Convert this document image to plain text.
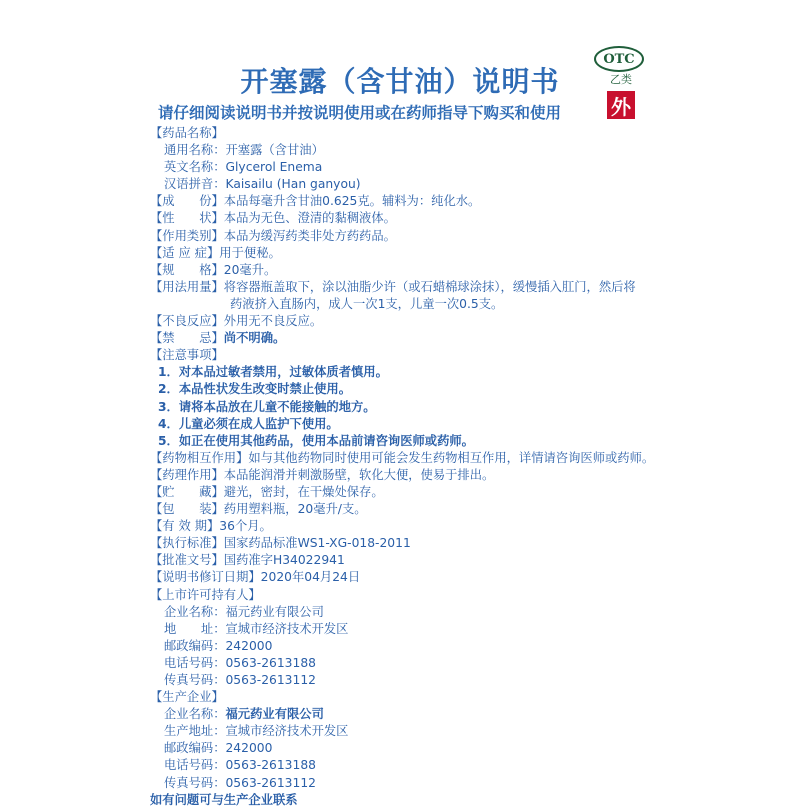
开塞露（含甘油）说明书
OTC
乙类
外
请仔细阅读说明书并按说明使用或在药师指导下购买和使用
【药品名称】
通用名称：开塞露（含甘油）
英文名称：Glycerol Enema
汉语拼音：Kaisailu (Han ganyou)
【成　　份】本品每毫升含甘油0.625克。辅料为：纯化水。
【性　　状】本品为无色、澄清的黏稠液体。
【作用类别】本品为缓泻药类非处方药药品。
【适 应 症】用于便秘。
【规　　格】20毫升。
【用法用量】将容器瓶盖取下，涂以油脂少许（或石蜡棉球涂抹），缓慢插入肛门，然后将
药液挤入直肠内，成人一次1支，儿童一次0.5支。
【不良反应】外用无不良反应。
【禁　　忌】尚不明确。
【注意事项】
1．对本品过敏者禁用，过敏体质者慎用。
2．本品性状发生改变时禁止使用。
3．请将本品放在儿童不能接触的地方。
4．儿童必须在成人监护下使用。
5．如正在使用其他药品，使用本品前请咨询医师或药师。
【药物相互作用】如与其他药物同时使用可能会发生药物相互作用，详情请咨询医师或药师。
【药理作用】本品能润滑并刺激肠壁，软化大便，使易于排出。
【贮　　藏】避光，密封，在干燥处保存。
【包　　装】药用塑料瓶，20毫升/支。
【有 效 期】36个月。
【执行标准】国家药品标准WS1-XG-018-2011
【批准文号】国药准字H34022941
【说明书修订日期】2020年04月24日
【上市许可持有人】
企业名称：福元药业有限公司
地　　址：宣城市经济技术开发区
邮政编码：242000
电话号码：0563-2613188
传真号码：0563-2613112
【生产企业】
企业名称：福元药业有限公司
生产地址：宣城市经济技术开发区
邮政编码：242000
电话号码：0563-2613188
传真号码：0563-2613112
如有问题可与生产企业联系
